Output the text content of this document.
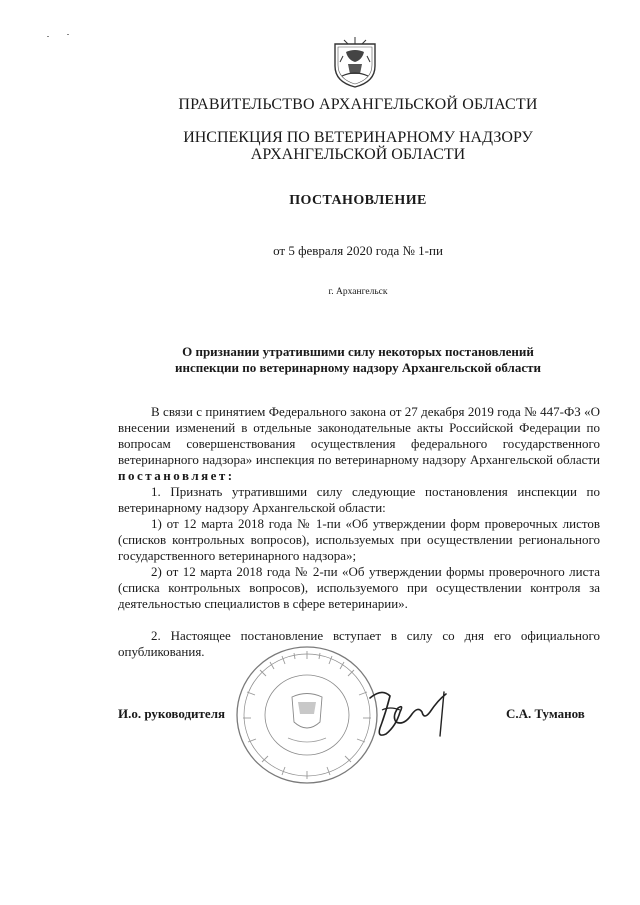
ПРАВИТЕЛЬСТВО АРХАНГЕЛЬСКОЙ ОБЛАСТИ
ИНСПЕКЦИЯ ПО ВЕТЕРИНАРНОМУ НАДЗОРУ
АРХАНГЕЛЬСКОЙ ОБЛАСТИ
ПОСТАНОВЛЕНИЕ
от 5 февраля 2020 года № 1-пи
г. Архангельск
О признании утратившими силу некоторых постановлений
инспекции по ветеринарному надзору Архангельской области
В связи с принятием Федерального закона от 27 декабря 2019 года № 447-ФЗ «О внесении изменений в отдельные законодательные акты Российской Федерации по вопросам совершенствования осуществления федерального государственного ветеринарного надзора» инспекция по ветеринарному надзору Архангельской области постановляет:
1. Признать утратившими силу следующие постановления инспекции по ветеринарному надзору Архангельской области:
1) от 12 марта 2018 года № 1-пи «Об утверждении форм проверочных листов (списков контрольных вопросов), используемых при осуществлении регионального государственного ветеринарного надзора»;
2) от 12 марта 2018 года № 2-пи «Об утверждении формы проверочного листа (списка контрольных вопросов), используемого при осуществлении контроля за деятельностью специалистов в сфере ветеринарии».
2. Настоящее постановление вступает в силу со дня его официального опубликования.
И.о. руководителя	С.А. Туманов
